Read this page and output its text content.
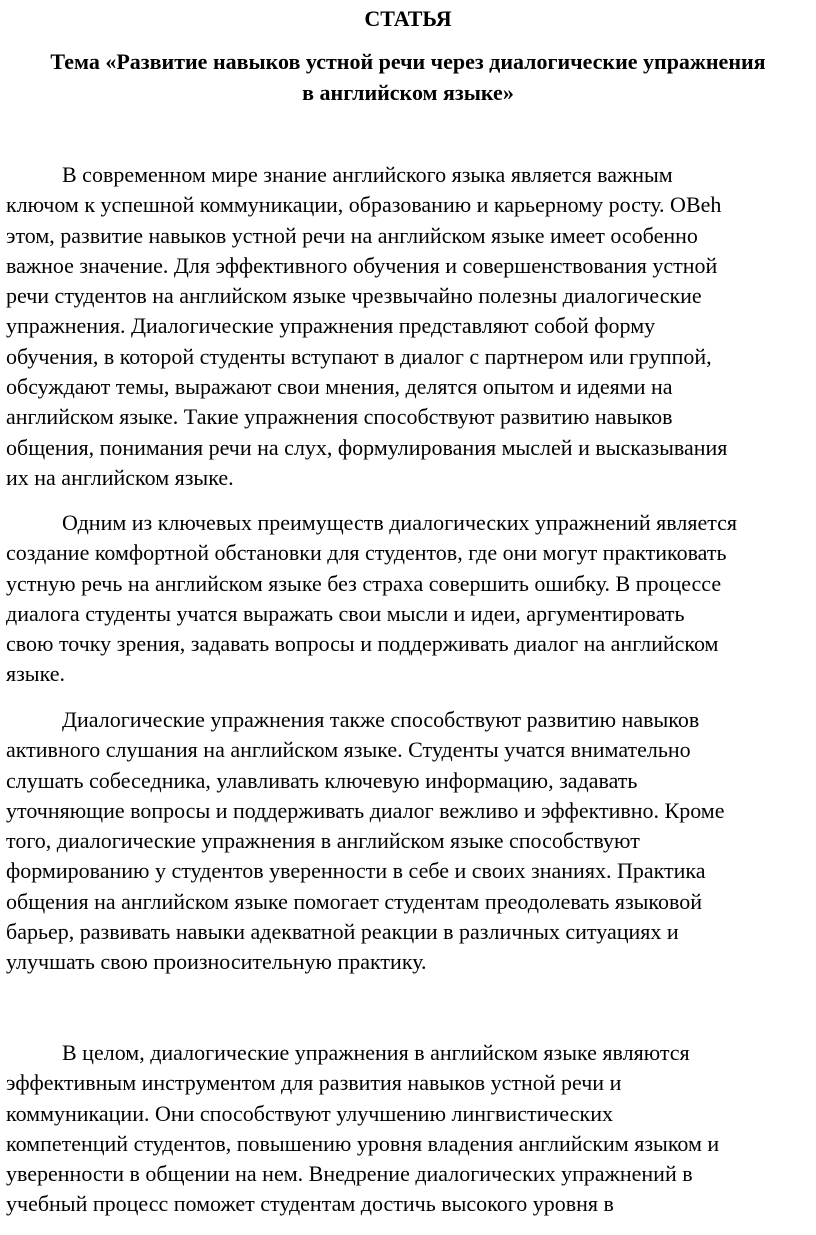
СТАТЬЯ
Тема «Развитие навыков устной речи через диалогические упражнения
в английском языке»

В современном мире знание английского языка является важным
ключом к успешной коммуникации, образованию и карьерному росту. ОВeh
этом, развитие навыков устной речи на английском языке имеет особенно
важное значение. Для эффективного обучения и совершенствования устной
речи студентов на английском языке чрезвычайно полезны диалогические
упражнения. Диалогические упражнения представляют собой форму
обучения, в которой студенты вступают в диалог с партнером или группой,
обсуждают темы, выражают свои мнения, делятся опытом и идеями на
английском языке. Такие упражнения способствуют развитию навыков
общения, понимания речи на слух, формулирования мыслей и высказывания
их на английском языке.

Одним из ключевых преимуществ диалогических упражнений является
создание комфортной обстановки для студентов, где они могут практиковать
устную речь на английском языке без страха совершить ошибку. В процессе
диалога студенты учатся выражать свои мысли и идеи, аргументировать
свою точку зрения, задавать вопросы и поддерживать диалог на английском
языке.

Диалогические упражнения также способствуют развитию навыков
активного слушания на английском языке. Студенты учатся внимательно
слушать собеседника, улавливать ключевую информацию, задавать
уточняющие вопросы и поддерживать диалог вежливо и эффективно. Кроме
того, диалогические упражнения в английском языке способствуют
формированию у студентов уверенности в себе и своих знаниях. Практика
общения на английском языке помогает студентам преодолевать языковой
барьер, развивать навыки адекватной реакции в различных ситуациях и
улучшать свою произносительную практику.

В целом, диалогические упражнения в английском языке являются
эффективным инструментом для развития навыков устной речи и
коммуникации. Они способствуют улучшению лингвистических
компетенций студентов, повышению уровня владения английским языком и
уверенности в общении на нем. Внедрение диалогических упражнений в
учебный процесс поможет студентам достичь высокого уровня в
